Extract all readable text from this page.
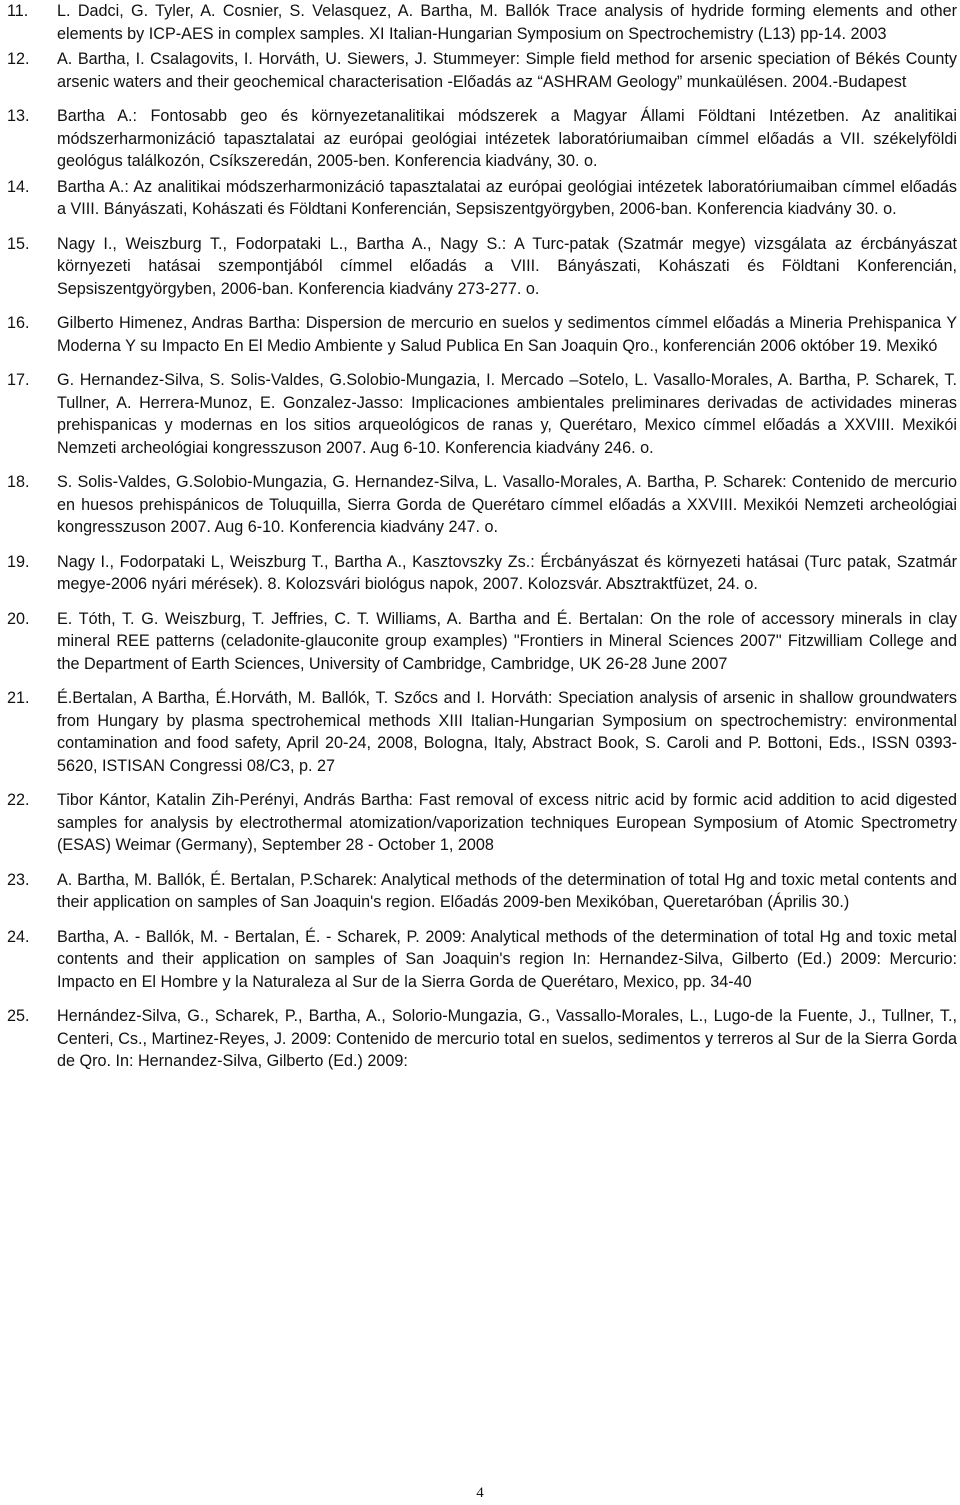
11. L. Dadci, G. Tyler, A. Cosnier, S. Velasquez, A. Bartha, M. Ballók Trace analysis of hydride forming elements and other elements by ICP-AES in complex samples. XI Italian-Hungarian Symposium on Spectrochemistry (L13) pp-14. 2003
12. A. Bartha, I. Csalagovits, I. Horváth, U. Siewers, J. Stummeyer: Simple field method for arsenic speciation of Békés County arsenic waters and their geochemical characterisation -Előadás az “ASHRAM Geology” munkaülésen. 2004.-Budapest
13. Bartha A.: Fontosabb geo és környezetanalitikai módszerek a Magyar Állami Földtani Intézetben. Az analitikai módszerharmonizáció tapasztalatai az európai geológiai intézetek laboratóriumaiban címmel előadás a VII. székelyföldi geológus találkozón, Csíkszeredán, 2005-ben. Konferencia kiadvány, 30. o.
14. Bartha A.: Az analitikai módszerharmonizáció tapasztalatai az európai geológiai intézetek laboratóriumaiban címmel előadás a VIII. Bányászati, Kohászati és Földtani Konferencián, Sepsiszentgyörgyben, 2006-ban. Konferencia kiadvány 30. o.
15. Nagy I., Weiszburg T., Fodorpataki L., Bartha A., Nagy S.: A Turc-patak (Szatmár megye) vizsgálata az ércbányászat környezeti hatásai szempontjából címmel előadás a VIII. Bányászati, Kohászati és Földtani Konferencián, Sepsiszentgyörgyben, 2006-ban. Konferencia kiadvány 273-277. o.
16. Gilberto Himenez, Andras Bartha: Dispersion de mercurio en suelos y sedimentos címmel előadás a Mineria Prehispanica Y Moderna Y su Impacto En El Medio Ambiente y Salud Publica En San Joaquin Qro., konferencián 2006 október 19. Mexikó
17. G. Hernandez-Silva, S. Solis-Valdes, G.Solobio-Mungazia, I. Mercado –Sotelo, L. Vasallo-Morales, A. Bartha, P. Scharek, T. Tullner, A. Herrera-Munoz, E. Gonzalez-Jasso: Implicaciones ambientales preliminares derivadas de actividades mineras prehispanicas y modernas en los sitios arqueológicos de ranas y, Querétaro, Mexico címmel előadás a XXVIII. Mexikói Nemzeti archeológiai kongresszuson 2007. Aug 6-10. Konferencia kiadvány 246. o.
18. S. Solis-Valdes, G.Solobio-Mungazia, G. Hernandez-Silva, L. Vasallo-Morales, A. Bartha, P. Scharek: Contenido de mercurio en huesos prehispánicos de Toluquilla, Sierra Gorda de Querétaro címmel előadás a XXVIII. Mexikói Nemzeti archeológiai kongresszuson 2007. Aug 6-10. Konferencia kiadvány 247. o.
19. Nagy I., Fodorpataki L, Weiszburg T., Bartha A., Kasztovszky Zs.: Ércbányászat és környezeti hatásai (Turc patak, Szatmár megye-2006 nyári mérések). 8. Kolozsvári biológus napok, 2007. Kolozsvár. Absztraktfüzet, 24. o.
20. E. Tóth, T. G. Weiszburg, T. Jeffries, C. T. Williams, A. Bartha and É. Bertalan: On the role of accessory minerals in clay mineral REE patterns (celadonite-glauconite group examples) "Frontiers in Mineral Sciences 2007" Fitzwilliam College and the Department of Earth Sciences, University of Cambridge, Cambridge, UK 26-28 June 2007
21. É.Bertalan, A Bartha, É.Horváth, M. Ballók, T. Szőcs and I. Horváth: Speciation analysis of arsenic in shallow groundwaters from Hungary by plasma spectrohemical methods XIII Italian-Hungarian Symposium on spectrochemistry: environmental contamination and food safety, April 20-24, 2008, Bologna, Italy, Abstract Book, S. Caroli and P. Bottoni, Eds., ISSN 0393-5620, ISTISAN Congressi 08/C3, p. 27
22. Tibor Kántor, Katalin Zih-Perényi, András Bartha: Fast removal of excess nitric acid by formic acid addition to acid digested samples for analysis by electrothermal atomization/vaporization techniques European Symposium of Atomic Spectrometry (ESAS) Weimar (Germany), September 28 - October 1, 2008
23. A. Bartha, M. Ballók, É. Bertalan, P.Scharek: Analytical methods of the determination of total Hg and toxic metal contents and their application on samples of San Joaquin's region. Előadás 2009-ben Mexikóban, Queretaróban (Április 30.)
24. Bartha, A. - Ballók, M. - Bertalan, É. - Scharek, P. 2009: Analytical methods of the determination of total Hg and toxic metal contents and their application on samples of San Joaquin's region In: Hernandez-Silva, Gilberto (Ed.) 2009: Mercurio: Impacto en El Hombre y la Naturaleza al Sur de la Sierra Gorda de Querétaro, Mexico, pp. 34-40
25. Hernández-Silva, G., Scharek, P., Bartha, A., Solorio-Mungazia, G., Vassallo-Morales, L., Lugo-de la Fuente, J., Tullner, T., Centeri, Cs., Martinez-Reyes, J. 2009: Contenido de mercurio total en suelos, sedimentos y terreros al Sur de la Sierra Gorda de Qro. In: Hernandez-Silva, Gilberto (Ed.) 2009:
4
